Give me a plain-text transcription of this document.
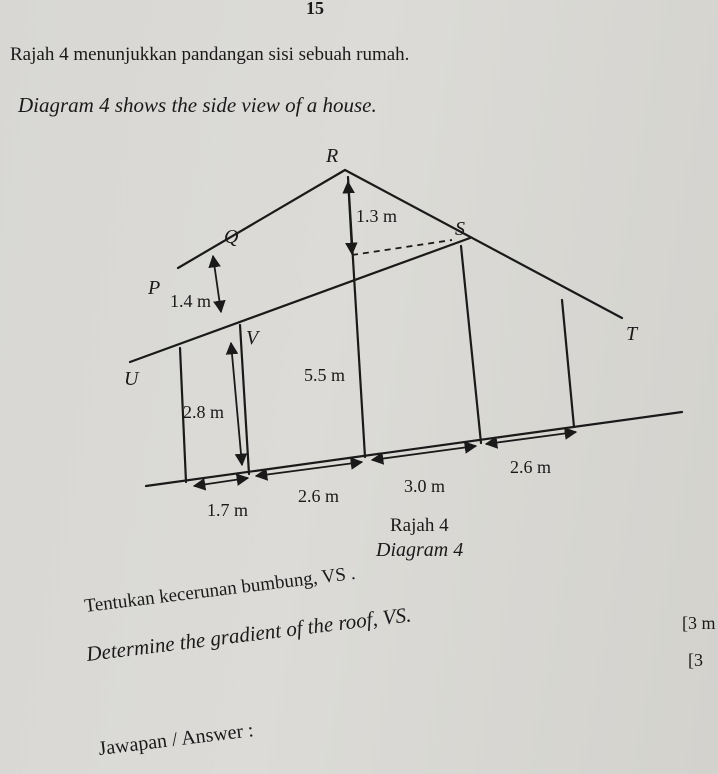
15
Rajah 4 menunjukkan pandangan sisi sebuah rumah.
Diagram 4 shows the side view of a house.
R
Q	S
P
V
U
T
1.3 m
1.4 m
2.8 m
5.5 m
1.7 m
2.6 m	3.0 m
2.6 m
Rajah 4
Diagram 4
Tentukan kecerunan bumbung, VS .
Determine the gradient of the roof, VS.	[3 m
[3
Jawapan / Answer :
